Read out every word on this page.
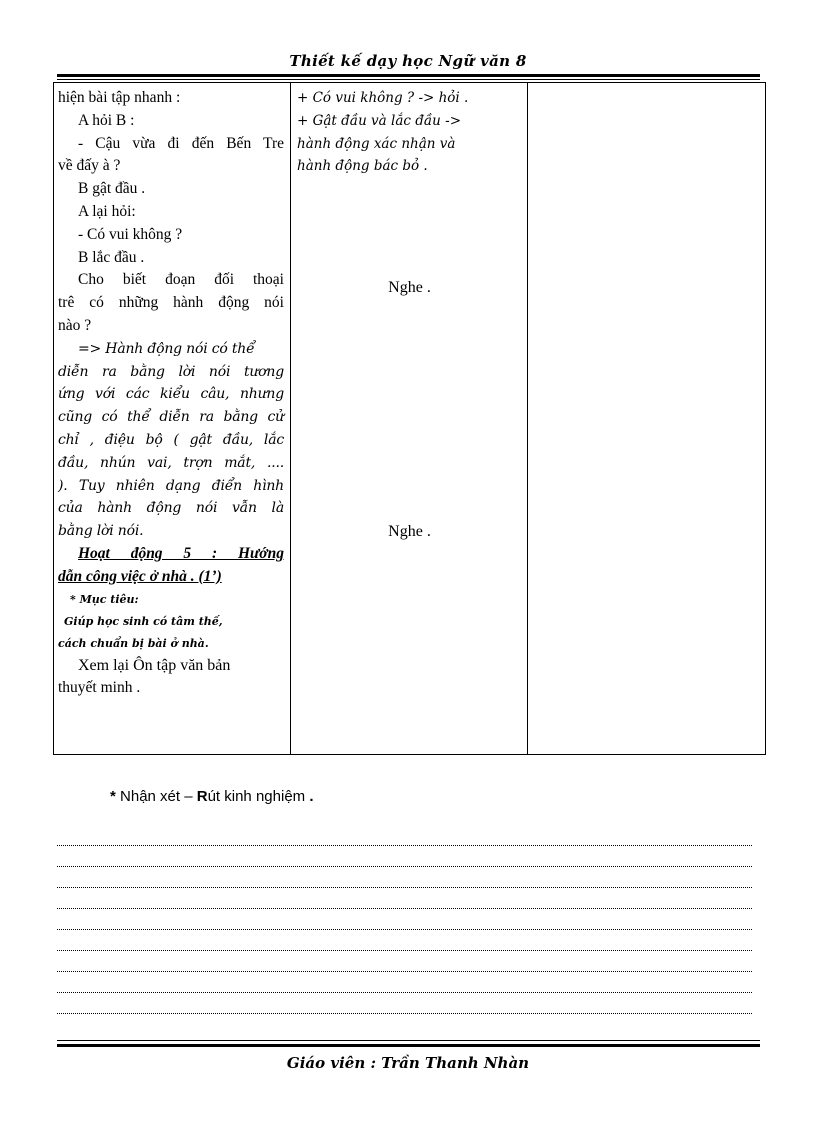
Thiết kế dạy học Ngữ văn 8
hiện bài tập nhanh :
A hỏi B :
- Cậu vừa đi đến Bến Tre
về đấy à ?
B gật đầu .
A lại hỏi:
- Có vui không ?
B lắc đầu .
Cho biết đoạn đối thoại
trê có những hành động nói
nào ?
=> Hành động nói có thể
diễn ra bằng lời nói tương
ứng với các kiểu câu, nhưng
cũng có thể diễn ra bằng cử
chỉ , điệu bộ ( gật đầu, lắc
đầu, nhún vai, trợn mắt, ....
). Tuy nhiên dạng điển hình
của hành động nói vẫn là
bằng lời nói.
Hoạt động 5 : Hướng
dẫn công việc ở nhà . (1’)
* Mục tiêu:
Giúp học sinh có tâm thế,
cách chuẩn bị bài ở nhà.
Xem lại Ôn tập văn bản
thuyết minh .
+ Có vui không ? -> hỏi .
+ Gật đầu và lắc đầu ->
hành động xác nhận và
hành động bác bỏ .
Nghe .
Nghe .
* Nhận xét – Rút kinh nghiệm .
Giáo viên : Trần Thanh Nhàn
